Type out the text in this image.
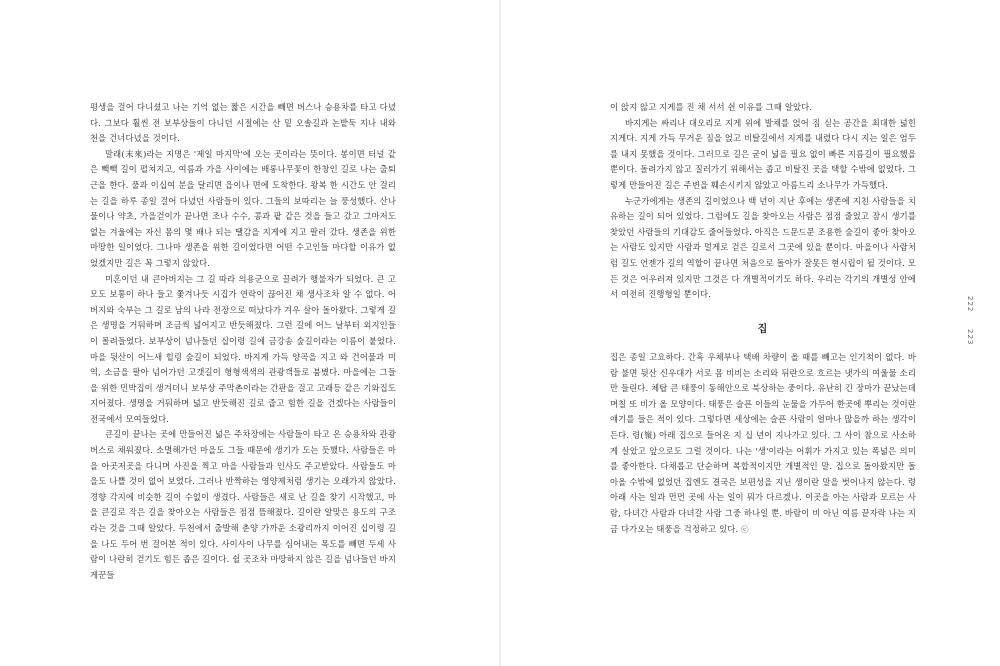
평생을 걸어 다니셨고 나는 기억 없는 짧은 시간을 빼면 버스나 승용차를 타고 다녔다. 그보다 훨씬 전 보부상들이 다니던 시절에는 산 밑 오솔길과 논밭둑 지나 내와 천을 건너다녔을 것이다.

말래(末來)라는 지명은 '제일 마지막'에 오는 곳이라는 뜻이다. 봉이면 터널 같은 빽빽 길이 펼쳐지고, 여름과 가을 사이에는 배롱나무꽃이 한창인 길로 나는 출퇴근을 한다. 풀과 이십여 분을 달리면 읍이나 면에 도착한다. 왕복 한 시간도 안 걸리는 길을 하루 종일 걸어 다녔던 사람들이 있다. 그들의 보따리는 늘 풍성했다. 산나물이나 약초, 가을걷이가 끝나면 조나 수수, 콩과 팥 같은 것을 들고 갔고 그마저도 없는 겨울에는 자신 몸의 몇 배나 되는 땔감을 지게에 지고 팔러 갔다. 생존을 위한 마땅한 일이었다. 그나마 생존을 위한 길이었다면 어떤 수고인들 마다할 이유가 없었겠지만 길은 꼭 그렇지 않았다.

미혼이던 내 큰아버지는 그 길 따라 의용군으로 끌려가 행불자가 되었다. 큰 고모도 보통이 하나 들고 쫓겨나듯 시집가 연락이 끊어진 채 생사조차 알 수 없다. 어버지와 숙부는 그 길로 남의 나라 전장으로 떠났다가 겨우 살아 돌아왔다. 그렇게 길은 생명을 거둬하며 조금씩 넓어지고 반듯해졌다. 그런 길에 어느 날부터 외지인들이 몰려들었다. 보부상이 넘나들던 십이령 길에 금강송 숲길이라는 이름이 붙었다. 마을 뒷산이 어느새 힐링 숲길이 되었다. 바지게 가득 양곡을 지고 와 건어물과 미역, 소금을 팔아 넘어가던 고갯길이 형형색색의 관광객들로 붐볐다. 마을에는 그들을 위한 민박집이 생겨더니 보부상 주막촌이라는 간판을 걸고 고래등 같은 기와집도 지어졌다. 생명을 거둬하며 넓고 반듯해진 길로 줍고 힘한 길을 건겠다는 사람들이 전국에서 모여들었다.

큰길이 끝나는 곳에 만들어진 넓은 주차장에는 사람들이 타고 온 승용차와 관광버스로 채워졌다. 소멸해가던 마을도 그들 때문에 생기가 도는 듯했다. 사람들은 마을 아곳저곳을 다니며 사진을 찍고 마을 사람들과 인사도 주고받았다. 사람들도 마을도 나쁠 것이 없어 보였다. 그러나 반짝하는 영양제처럼 생기는 오래가지 않았다. 경향 각지에 비슷한 길이 수없이 생겼다. 사람들은 새로 난 길을 찾기 시작했고, 마을 큰길로 작은 길을 찾아오는 사람들은 점점 뜸해졌다. 길이란 알맞은 용도의 구조라는 것을 그때 알았다. 두천에서 출발해 춘양 가까운 소광리까지 이어진 십이령 길을 나도 두어 번 걸어본 적이 있다. 사이사이 나무를 심어내는 목도를 빼면 두세 사람이 나란히 걷기도 힘든 좁은 길이다. 쉴 곳조차 마땅하지 않은 길을 넘나들던 바지게꾼들

이 앉지 않고 지게를 진 채 서서 쉰 이유를 그때 알았다.

바지게는 싸리나 대오리로 지게 위에 발채를 얹어 짐 싣는 공간을 최대한 넓힌 지게다. 지게 가득 무거운 짐을 얹고 비탈길에서 지게를 내렸다 다시 지는 일은 엄두를 내지 못했을 것이다. 그러므로 길은 굳이 넓을 필요 없이 빠른 지름길이 필요했을 뿐이다. 돌려가지 않고 질러가기 위해서는 좁고 비탈진 곳을 택할 수밖에 없었다. 그렇게 만들어진 길은 주변을 훼손시키지 않았고 아름드리 소나무가 가득했다.

누군가에게는 생존의 길이었으나 백 년이 지난 후에는 생존에 지친 사람들을 치유하는 길이 되어 있었다. 그럼에도 길을 찾아오는 사람은 점점 줄었고 잠시 생기를 찾았던 사람들의 기대감도 줄어들었다. 아직은 드문드문 조용한 숲길이 좋아 찾아오는 사람도 있지만 사람과 멀게로 걷은 길로서 그곳에 있을 뿐이다. 마을이나 사람처럼 길도 언젠가 길의 역할이 끝나면 처음으로 돌아가 잘못든 현시립이 될 것이다. 모든 것은 어우러져 있지만 그것은 다 개별적이기도 하다. 우리는 각기의 개별성 안에서 여전히 진행형일 뿐이다.

집

집은 종일 고요하다. 간혹 우체부나 택배 차량이 올 때를 빼고는 인기척이 없다. 바람 불면 뒷산 신우대가 서로 몸 비비는 소리와 뒤란으로 흐르는 냇가의 여울물 소리만 들린다. 체탑 큰 태풍이 동해안으로 북상하는 중이다. 유난히 긴 장마가 끝났는데 며칠 또 비가 올 모양이다. 태풍은 슬픈 이들의 눈물을 가두어 한곳에 뿌리는 것이란 얘기를 들은 적이 있다. 그렇다면 세상에는 슬픈 사람이 얼마나 많을까 하는 생각이 든다. 령(嶺) 아래 집으로 들어온 지 십 년이 지나가고 있다. 그 사이 참으로 사소하게 살았고 앞으로도 그럴 것이다. 나는 '생'이라는 어휘가 가지고 있는 폭넓은 의미를 좋아한다. 다채롭고 단순하며 복합적이지만 개별적인 말. 집으로 돌아왔지만 돌아올 수밖에 없었던 집엔도 결국은 보편성을 지닌 생이란 말을 벗어나지 않는다. 령 아래 사는 일과 먼먼 곳에 사는 일이 뭐가 다르겠나. 이곳을 아는 사람과 모르는 사람, 다녀간 사람과 다녀갈 사람 그중 하나일 뿐. 바람이 비 아닌 여름 끝자락 나는 지금 다가오는 태풍을 걱정하고 있다. ⓒ

222  223
